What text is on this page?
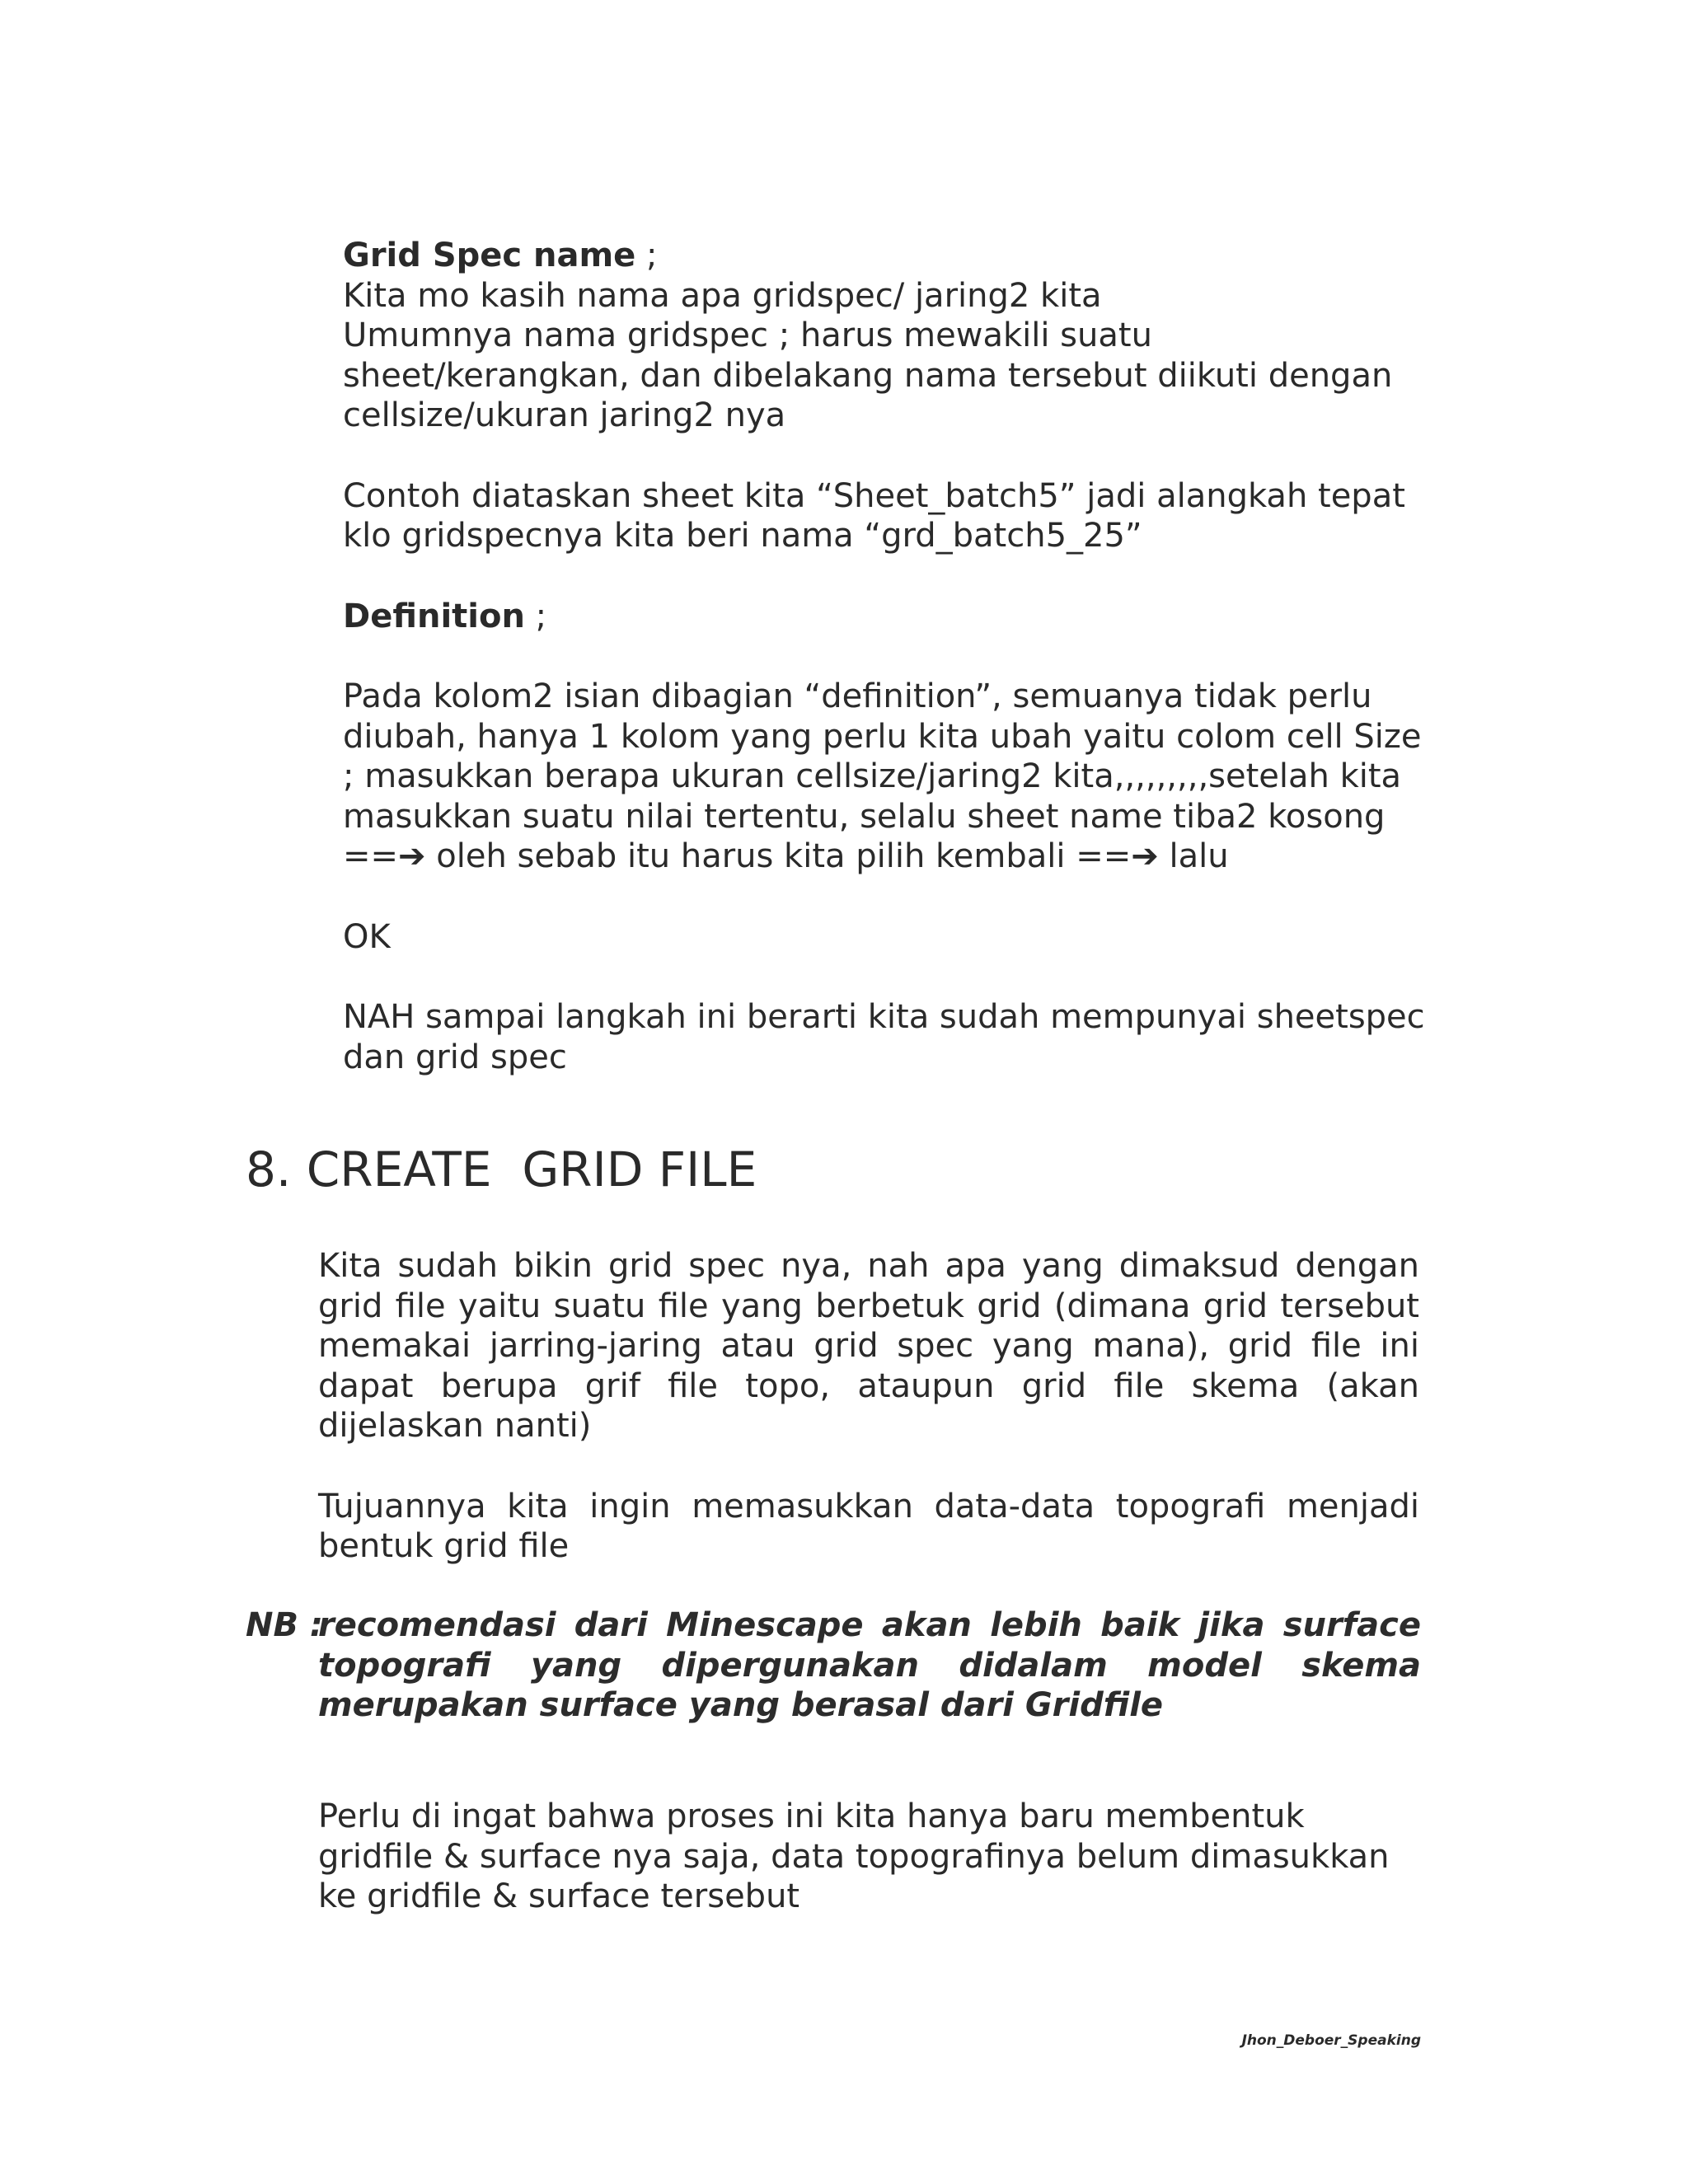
Grid Spec name ;
Kita mo kasih nama apa gridspec/ jaring2 kita
Umumnya nama gridspec ; harus mewakili suatu
sheet/kerangkan, dan dibelakang nama tersebut diikuti dengan
cellsize/ukuran jaring2 nya

Contoh diataskan sheet kita “Sheet_batch5” jadi alangkah tepat
klo gridspecnya kita beri nama “grd_batch5_25”

Definition ;

Pada kolom2 isian dibagian “definition”, semuanya tidak perlu
diubah, hanya 1 kolom yang perlu kita ubah yaitu colom cell Size
; masukkan berapa ukuran cellsize/jaring2 kita,,,,,,,,,setelah kita
masukkan suatu nilai tertentu, selalu sheet name tiba2 kosong
==➔ oleh sebab itu harus kita pilih kembali ==➔ lalu

OK

NAH sampai langkah ini berarti kita sudah mempunyai sheetspec
dan grid spec

8. CREATE  GRID FILE

Kita sudah bikin grid spec nya, nah apa yang dimaksud dengan grid file yaitu suatu file yang berbetuk grid (dimana grid tersebut memakai jarring-jaring atau grid spec yang mana), grid file ini dapat berupa grif file topo, ataupun grid file skema (akan dijelaskan nanti)

Tujuannya kita ingin memasukkan data-data topografi menjadi bentuk grid file

NB :
recomendasi dari Minescape akan lebih baik jika surface topografi yang dipergunakan didalam model skema merupakan surface yang berasal dari Gridfile

Perlu di ingat bahwa proses ini kita hanya baru membentuk
gridfile & surface nya saja, data topografinya belum dimasukkan
ke gridfile & surface tersebut

Jhon_Deboer_Speaking
